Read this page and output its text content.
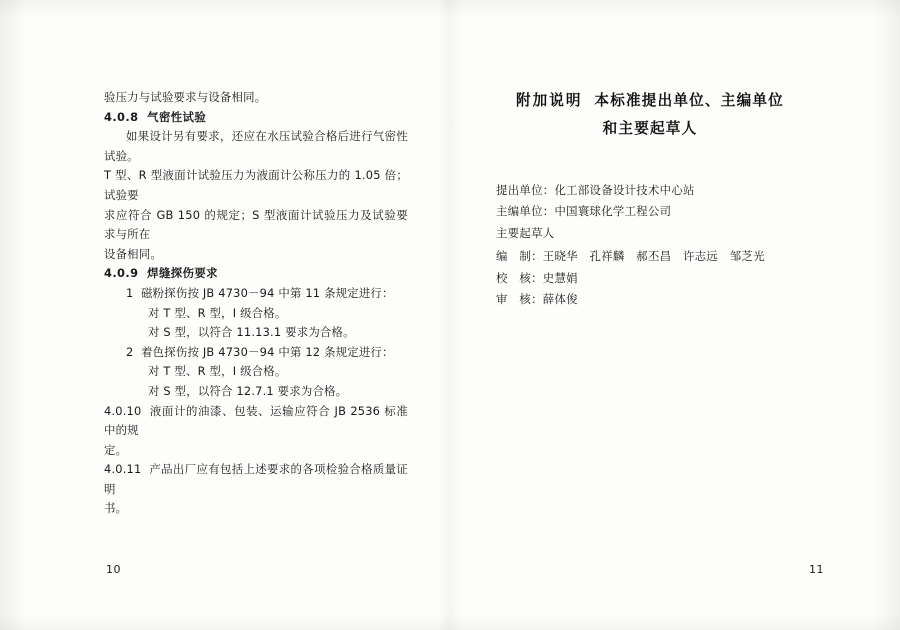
验压力与试验要求与设备相同。
4.0.8  气密性试验
如果设计另有要求，还应在水压试验合格后进行气密性试验。
T 型、R 型液面计试验压力为液面计公称压力的 1.05 倍；试验要
求应符合 GB 150 的规定；S 型液面计试验压力及试验要求与所在
设备相同。
4.0.9  焊缝探伤要求
1  磁粉探伤按 JB 4730－94 中第 11 条规定进行：
对 T 型、R 型，I 级合格。
对 S 型，以符合 11.13.1 要求为合格。
2  着色探伤按 JB 4730－94 中第 12 条规定进行：
对 T 型、R 型，I 级合格。
对 S 型，以符合 12.7.1 要求为合格。
4.0.10  液面计的油漆、包装、运输应符合 JB 2536 标准中的规
定。
4.0.11  产品出厂应有包括上述要求的各项检验合格质量证明
书。
10
附加说明 本标准提出单位、主编单位
和主要起草人
提出单位：化工部设备设计技术中心站
主编单位：中国寰球化学工程公司
主要起草人
编　制：王晓华　孔祥麟　郝丕昌　许志远　邹芝光
校　核：史慧娟
审　核：薛体俊
11
